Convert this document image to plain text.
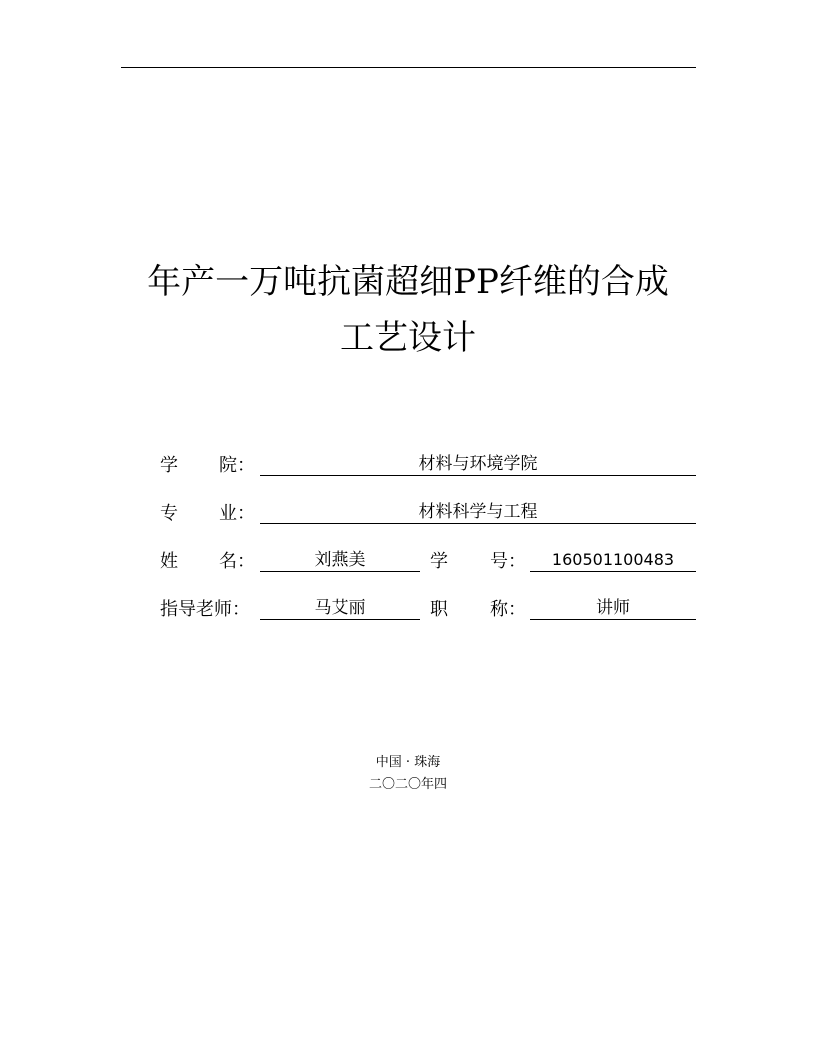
年产一万吨抗菌超细PP纤维的合成
工艺设计
学 院：	材料与环境学院
专 业：	材料科学与工程
姓 名：	刘燕美	学 号：	160501100483
指导老师：	马艾丽	职 称：	讲师
中国 · 珠海
二〇二〇年四
